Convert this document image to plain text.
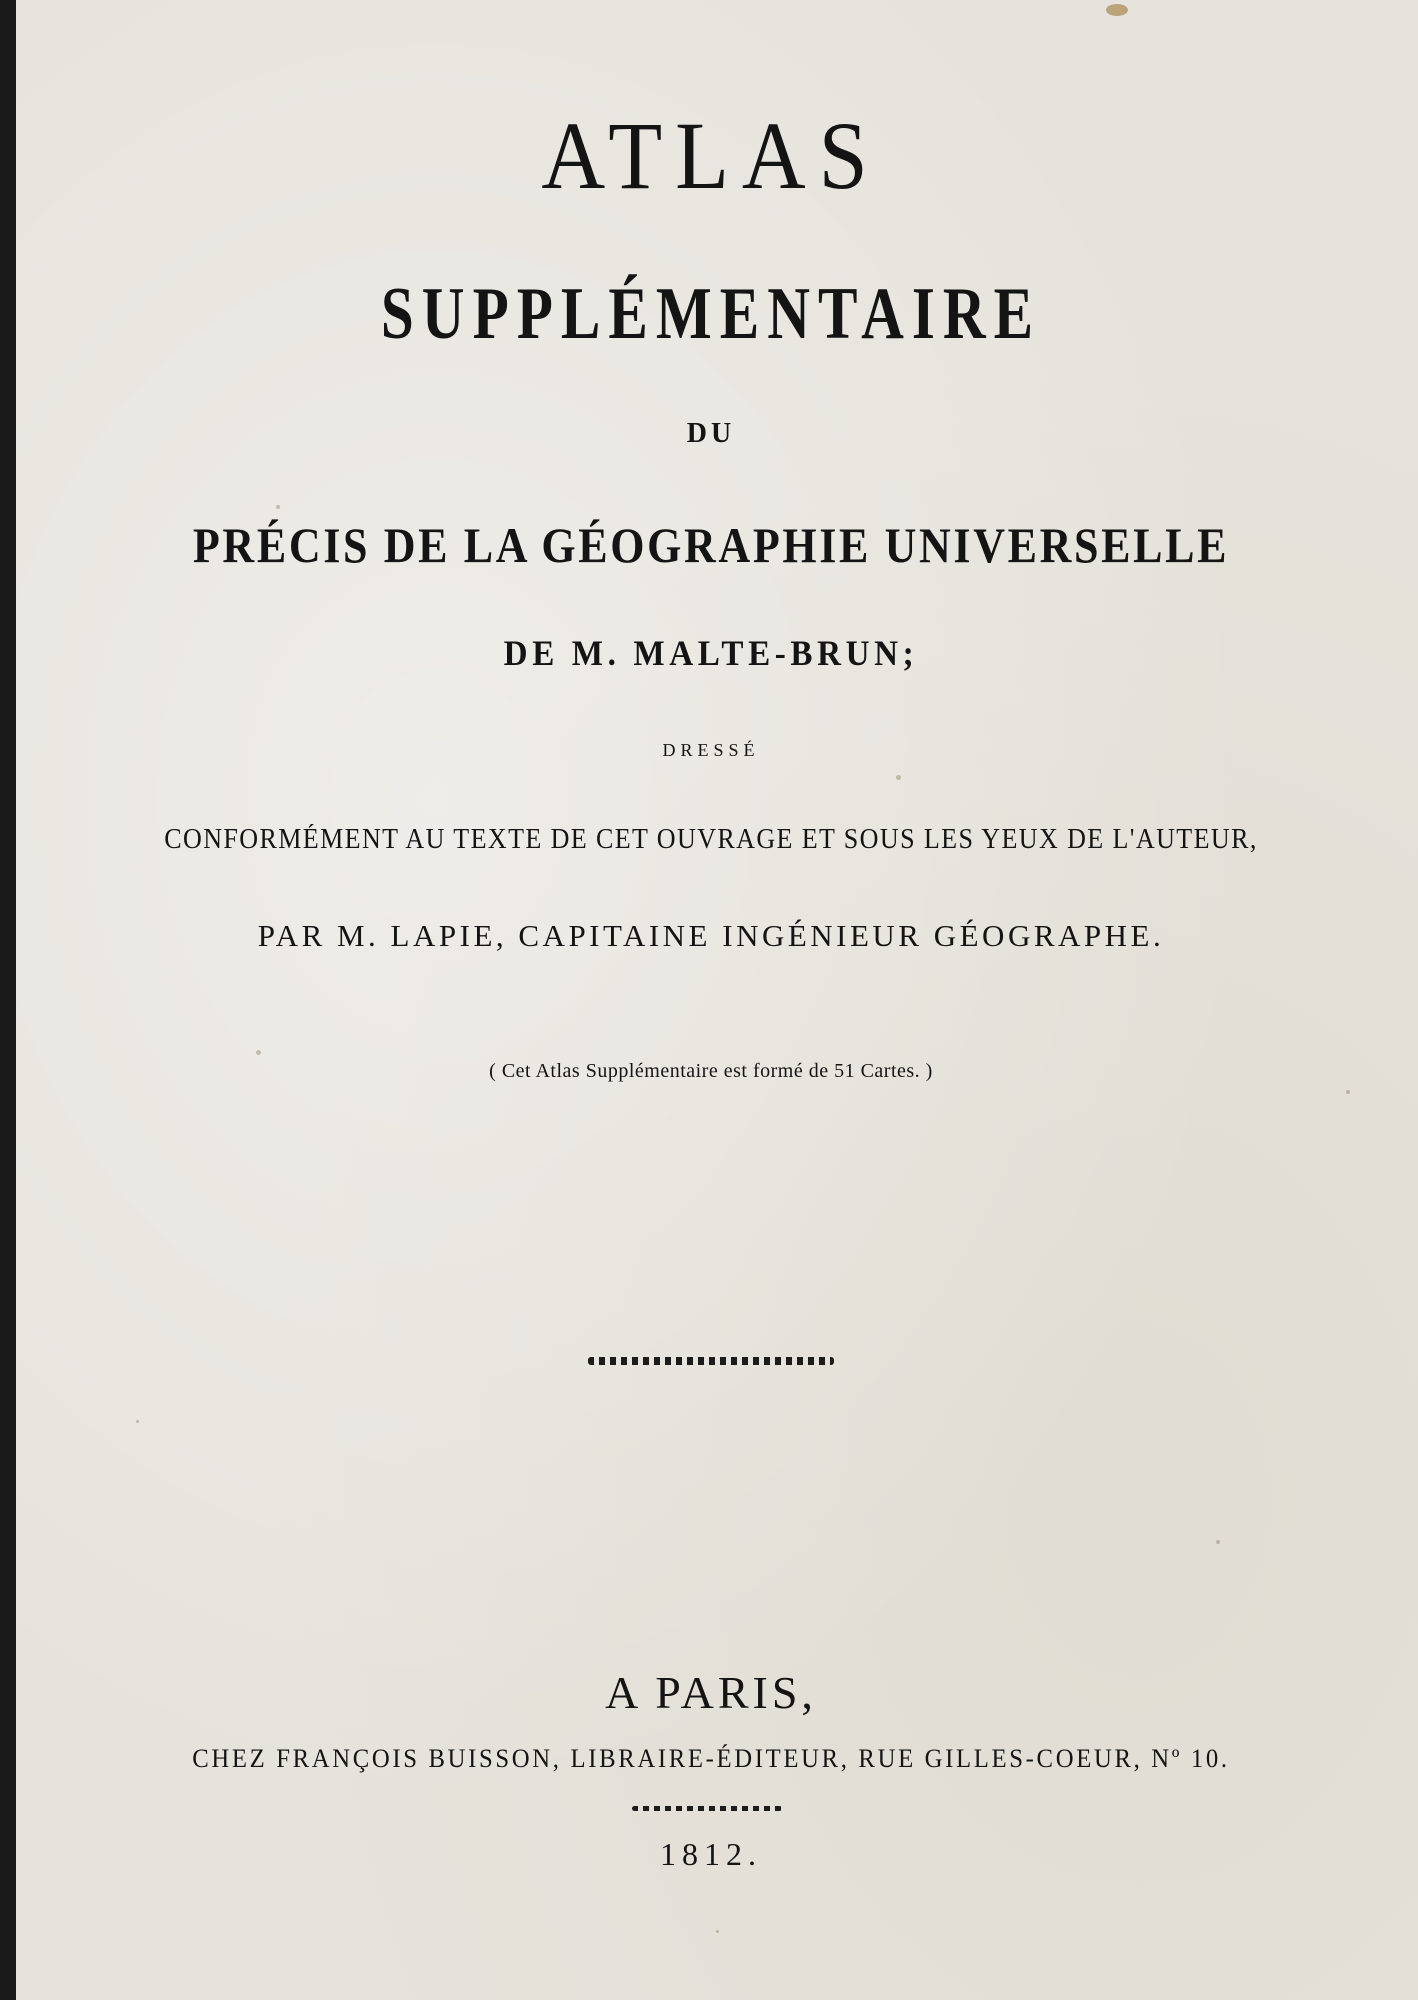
ATLAS
SUPPLÉMENTAIRE
DU
PRÉCIS DE LA GÉOGRAPHIE UNIVERSELLE
DE M. MALTE-BRUN;
DRESSÉ
CONFORMÉMENT AU TEXTE DE CET OUVRAGE ET SOUS LES YEUX DE L'AUTEUR,
PAR M. LAPIE, CAPITAINE INGÉNIEUR GÉOGRAPHE.
( Cet Atlas Supplémentaire est formé de 51 Cartes. )
A PARIS,
CHEZ FRANÇOIS BUISSON, LIBRAIRE-ÉDITEUR, RUE GILLES-COEUR, Nº 10.
1812.
